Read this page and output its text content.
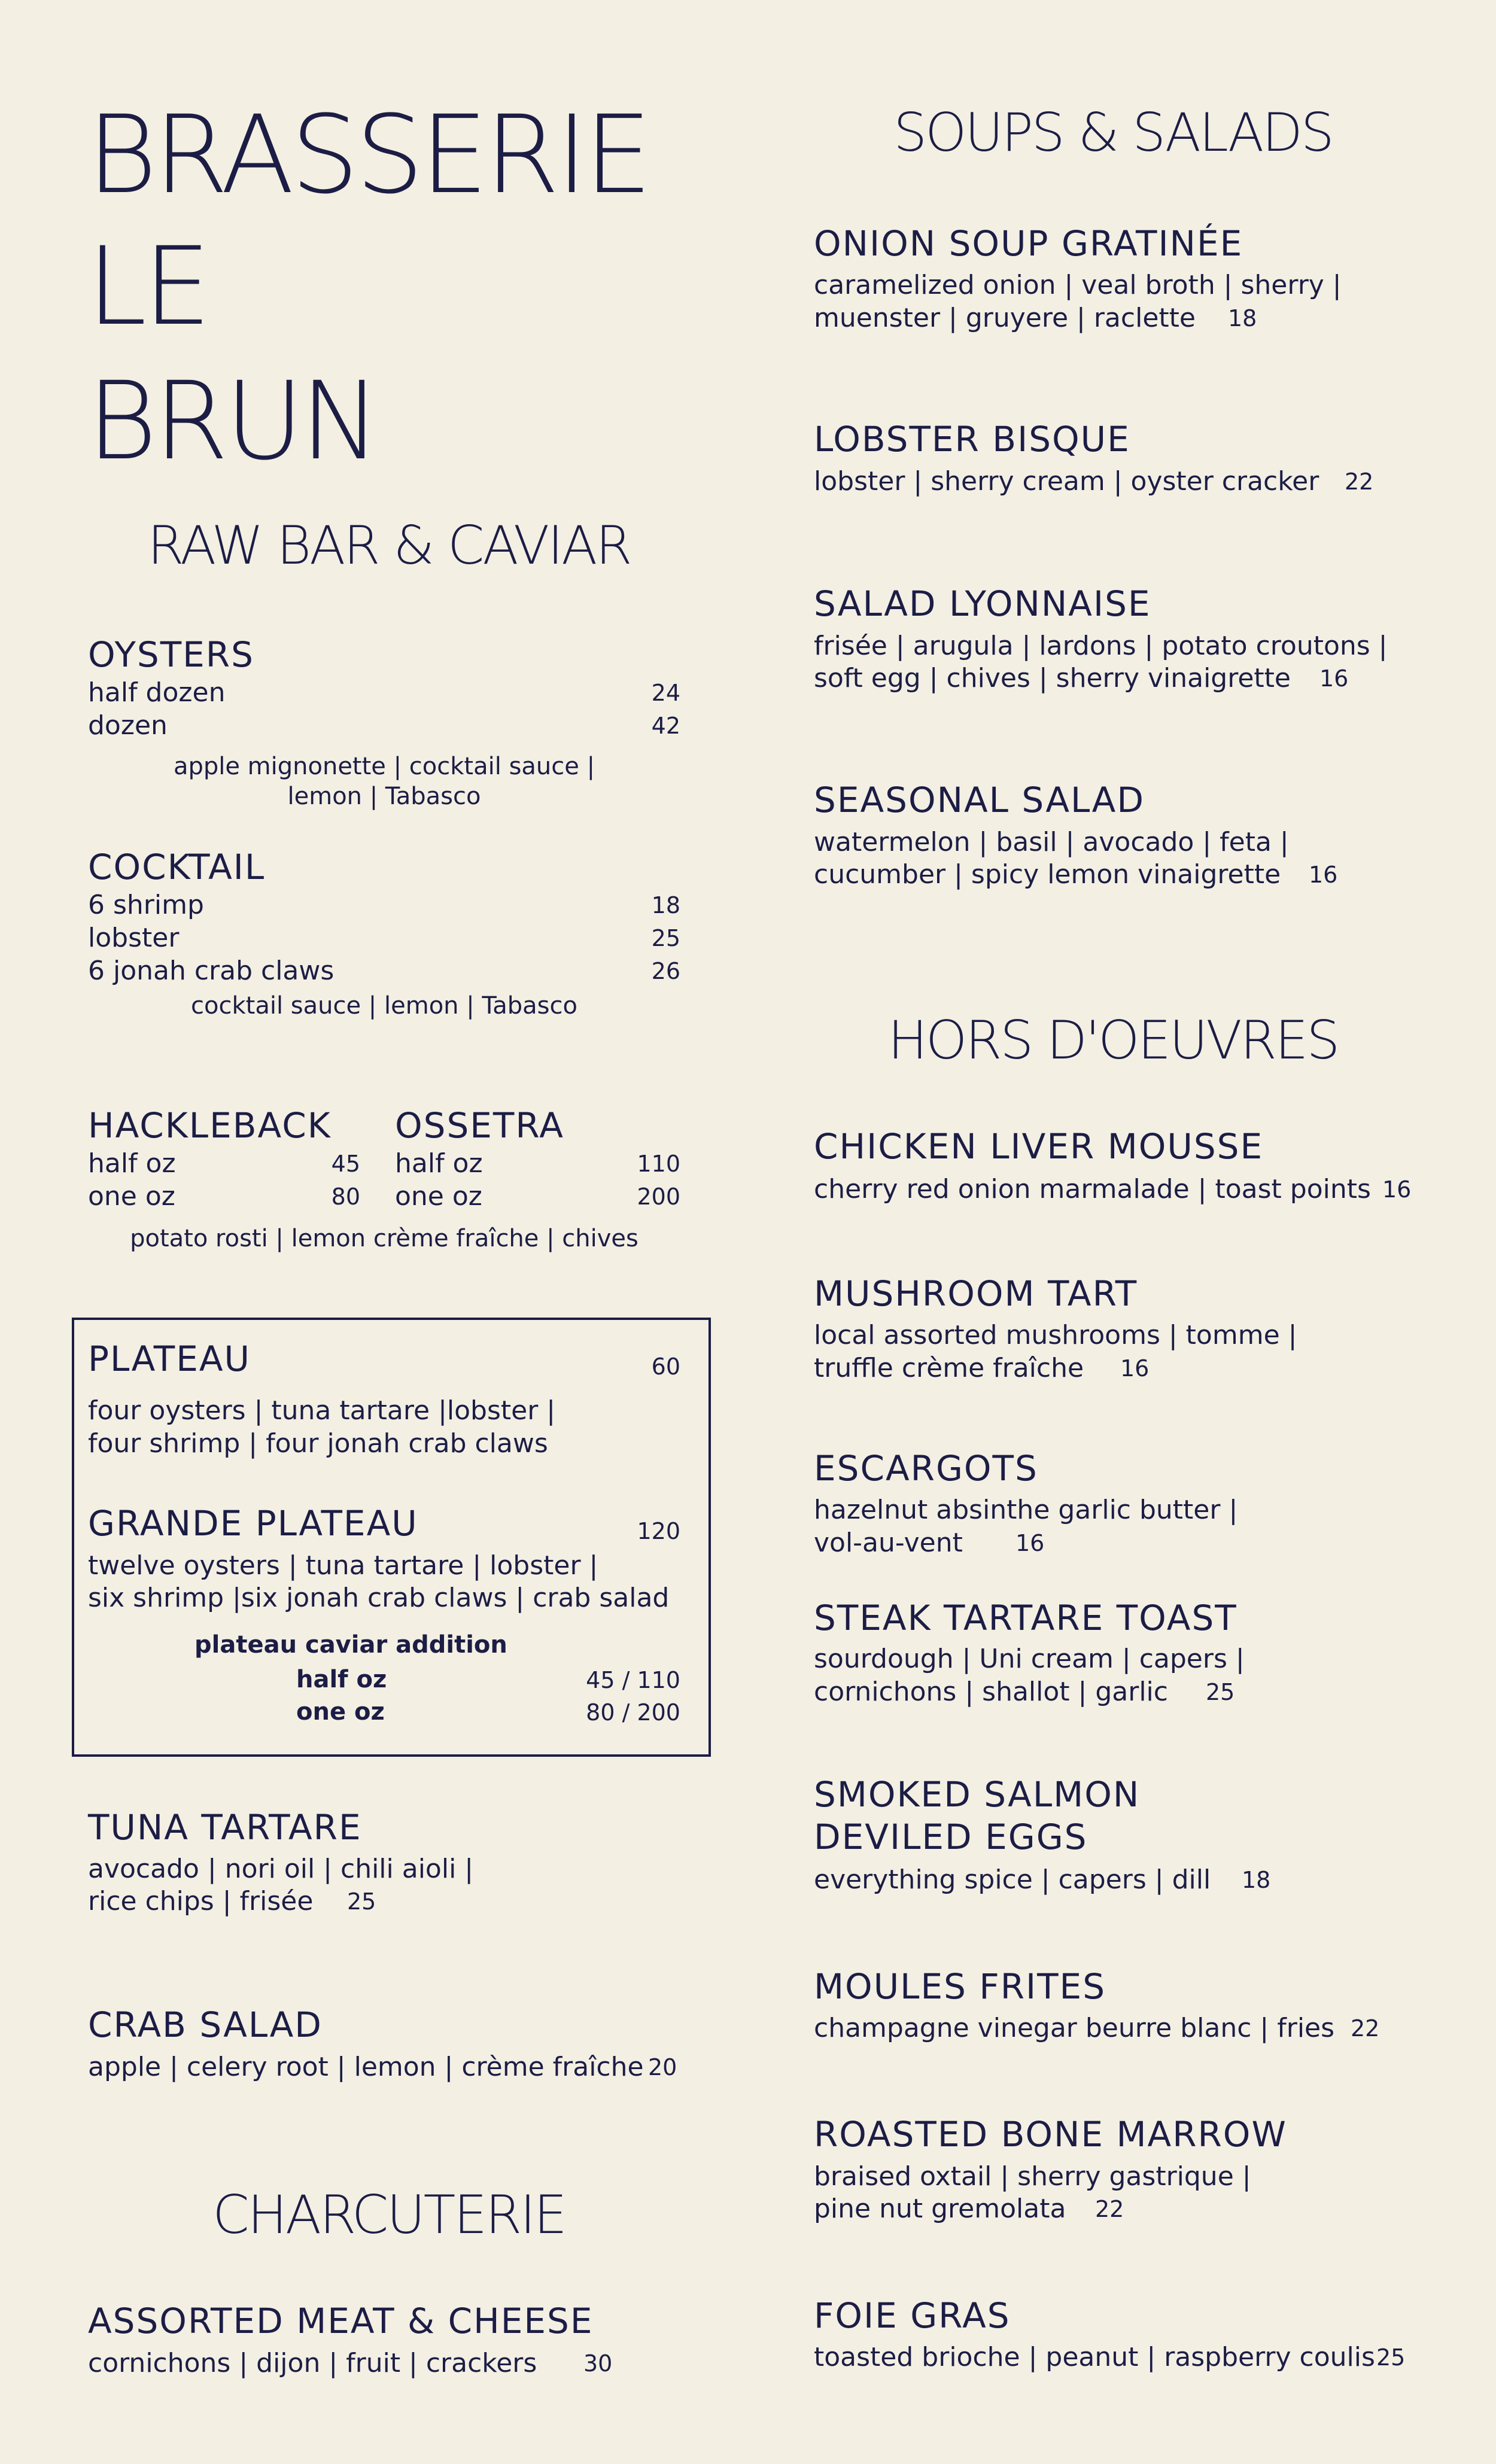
BRASSERIE
LE
BRUN
RAW BAR & CAVIAR
OYSTERS
half dozen	24
dozen	42
apple mignonette | cocktail sauce |
lemon | Tabasco
COCKTAIL
6 shrimp	18
lobster	25
6 jonah crab claws	26
cocktail sauce | lemon | Tabasco
HACKLEBACK
half oz	45
one oz	80
OSSETRA
half oz	110
one oz	200
potato rosti | lemon crème fraîche | chives
PLATEAU	60
four oysters | tuna tartare |lobster |
four shrimp | four jonah crab claws
GRANDE PLATEAU	120
twelve oysters | tuna tartare | lobster |
six shrimp |six jonah crab claws | crab salad
plateau caviar addition
half oz	45 / 110
one oz	80 / 200
TUNA TARTARE
avocado | nori oil | chili aioli |
rice chips | frisée 25
CRAB SALAD
apple | celery root | lemon | crème fraîche 20
CHARCUTERIE
ASSORTED MEAT & CHEESE
cornichons | dijon | fruit | crackers 30
SOUPS & SALADS
ONION SOUP GRATINÉE
caramelized onion | veal broth | sherry |
muenster | gruyere | raclette 18
LOBSTER BISQUE
lobster | sherry cream | oyster cracker 22
SALAD LYONNAISE
frisée | arugula | lardons | potato croutons |
soft egg | chives | sherry vinaigrette 16
SEASONAL SALAD
watermelon | basil | avocado | feta |
cucumber | spicy lemon vinaigrette 16
HORS D'OEUVRES
CHICKEN LIVER MOUSSE
cherry red onion marmalade | toast points 16
MUSHROOM TART
local assorted mushrooms | tomme |
truffle crème fraîche 16
ESCARGOTS
hazelnut absinthe garlic butter |
vol-au-vent 16
STEAK TARTARE TOAST
sourdough | Uni cream | capers |
cornichons | shallot | garlic 25
SMOKED SALMON
DEVILED EGGS
everything spice | capers | dill 18
MOULES FRITES
champagne vinegar beurre blanc | fries 22
ROASTED BONE MARROW
braised oxtail | sherry gastrique |
pine nut gremolata 22
FOIE GRAS
toasted brioche | peanut | raspberry coulis 25
